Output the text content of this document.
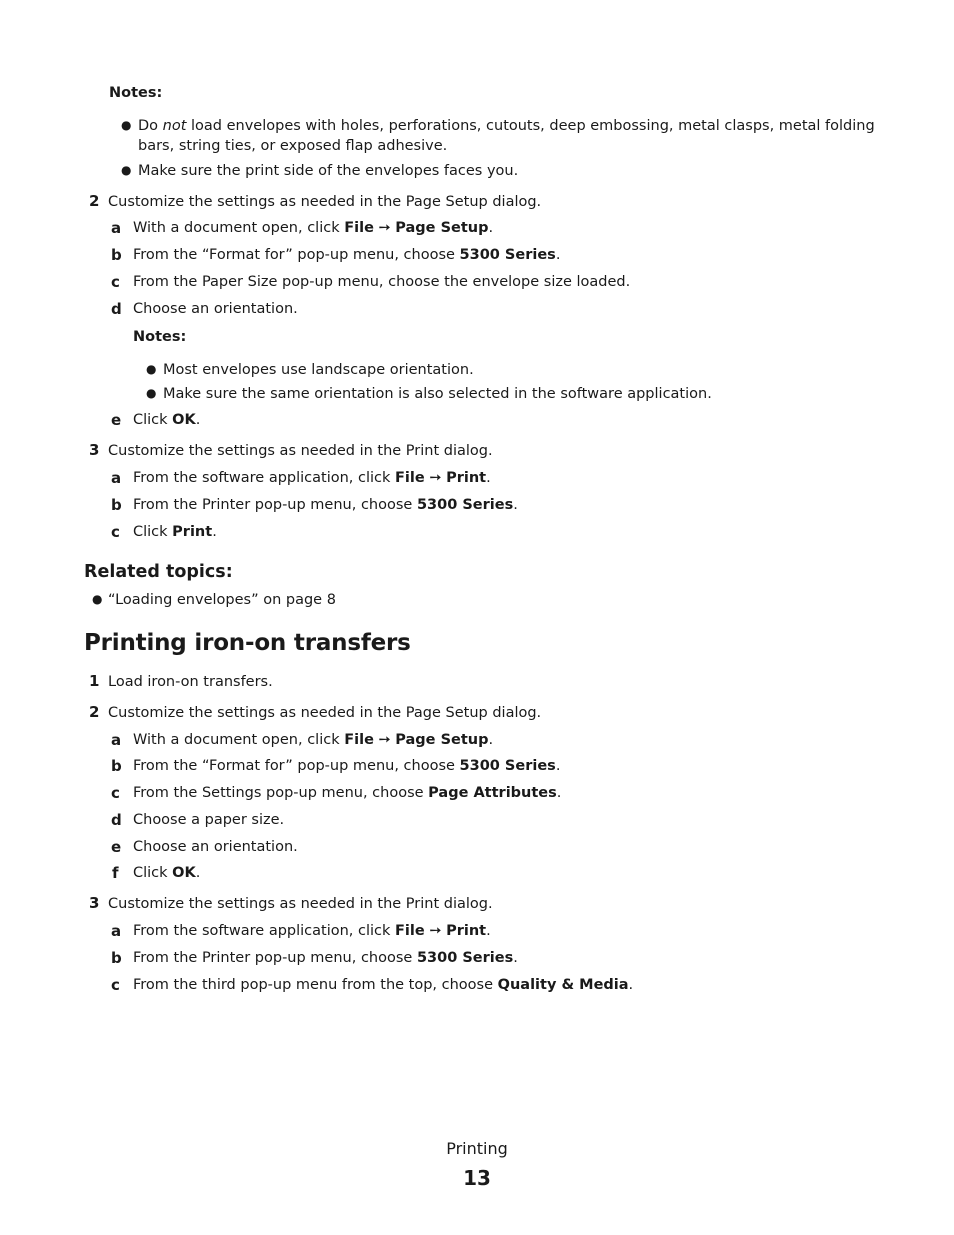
Notes:
● Do not load envelopes with holes, perforations, cutouts, deep embossing, metal clasps, metal folding bars, string ties, or exposed flap adhesive.
● Make sure the print side of the envelopes faces you.
2 Customize the settings as needed in the Page Setup dialog.
a With a document open, click File ➙ Page Setup.
b From the “Format for” pop-up menu, choose 5300 Series.
c From the Paper Size pop-up menu, choose the envelope size loaded.
d Choose an orientation.
Notes:
● Most envelopes use landscape orientation.
● Make sure the same orientation is also selected in the software application.
e Click OK.
3 Customize the settings as needed in the Print dialog.
a From the software application, click File ➙ Print.
b From the Printer pop-up menu, choose 5300 Series.
c Click Print.
Related topics:
● “Loading envelopes” on page 8
Printing iron-on transfers
1 Load iron-on transfers.
2 Customize the settings as needed in the Page Setup dialog.
a With a document open, click File ➙ Page Setup.
b From the “Format for” pop-up menu, choose 5300 Series.
c From the Settings pop-up menu, choose Page Attributes.
d Choose a paper size.
e Choose an orientation.
f Click OK.
3 Customize the settings as needed in the Print dialog.
a From the software application, click File ➙ Print.
b From the Printer pop-up menu, choose 5300 Series.
c From the third pop-up menu from the top, choose Quality & Media.
Printing
13
